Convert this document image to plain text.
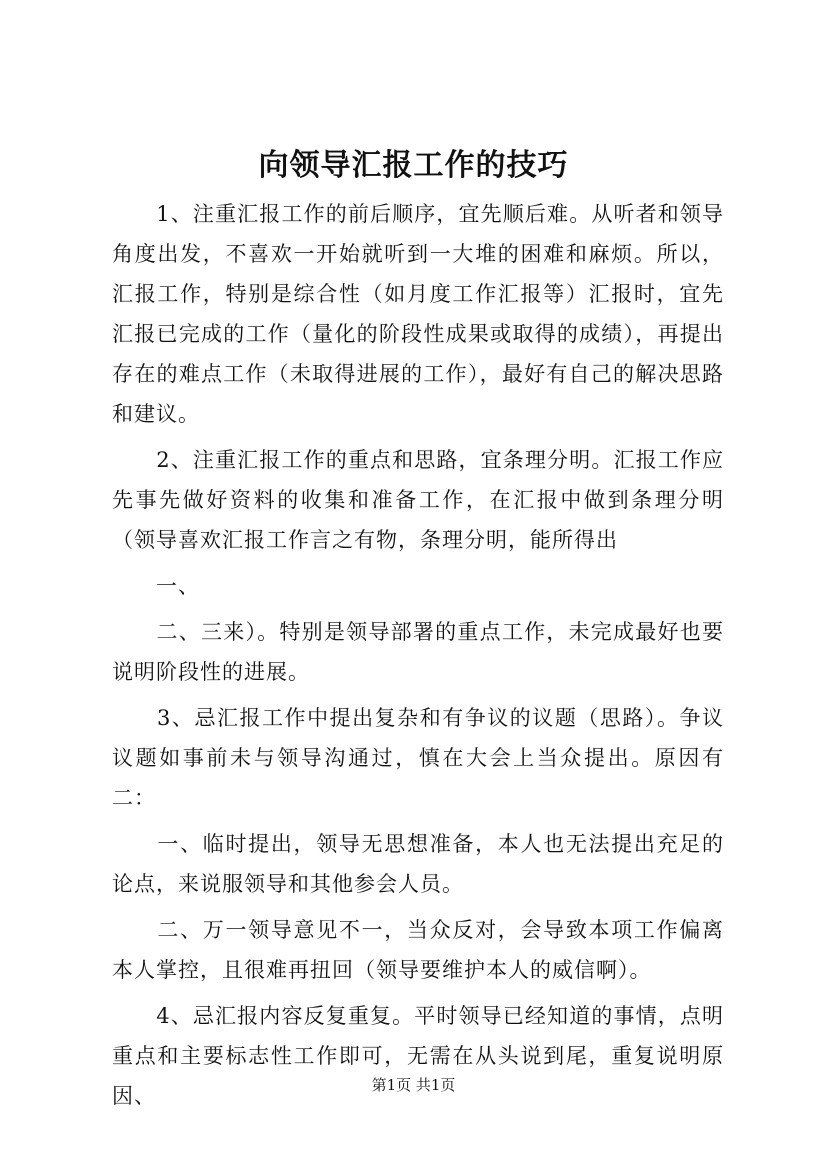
向领导汇报工作的技巧

　　1、注重汇报工作的前后顺序，宜先顺后难。从听者和领导角度出发，不喜欢一开始就听到一大堆的困难和麻烦。所以，汇报工作，特别是综合性（如月度工作汇报等）汇报时，宜先汇报已完成的工作（量化的阶段性成果或取得的成绩），再提出存在的难点工作（未取得进展的工作），最好有自己的解决思路和建议。

　　2、注重汇报工作的重点和思路，宜条理分明。汇报工作应先事先做好资料的收集和准备工作，在汇报中做到条理分明（领导喜欢汇报工作言之有物，条理分明，能所得出

　　一、

　　二、三来）。特别是领导部署的重点工作，未完成最好也要说明阶段性的进展。

　　3、忌汇报工作中提出复杂和有争议的议题（思路）。争议议题如事前未与领导沟通过，慎在大会上当众提出。原因有二：

　　一、临时提出，领导无思想准备，本人也无法提出充足的论点，来说服领导和其他参会人员。

　　二、万一领导意见不一，当众反对，会导致本项工作偏离本人掌控，且很难再扭回（领导要维护本人的威信啊）。

　　4、忌汇报内容反复重复。平时领导已经知道的事情，点明重点和主要标志性工作即可，无需在从头说到尾，重复说明原因、	第1页 共1页
